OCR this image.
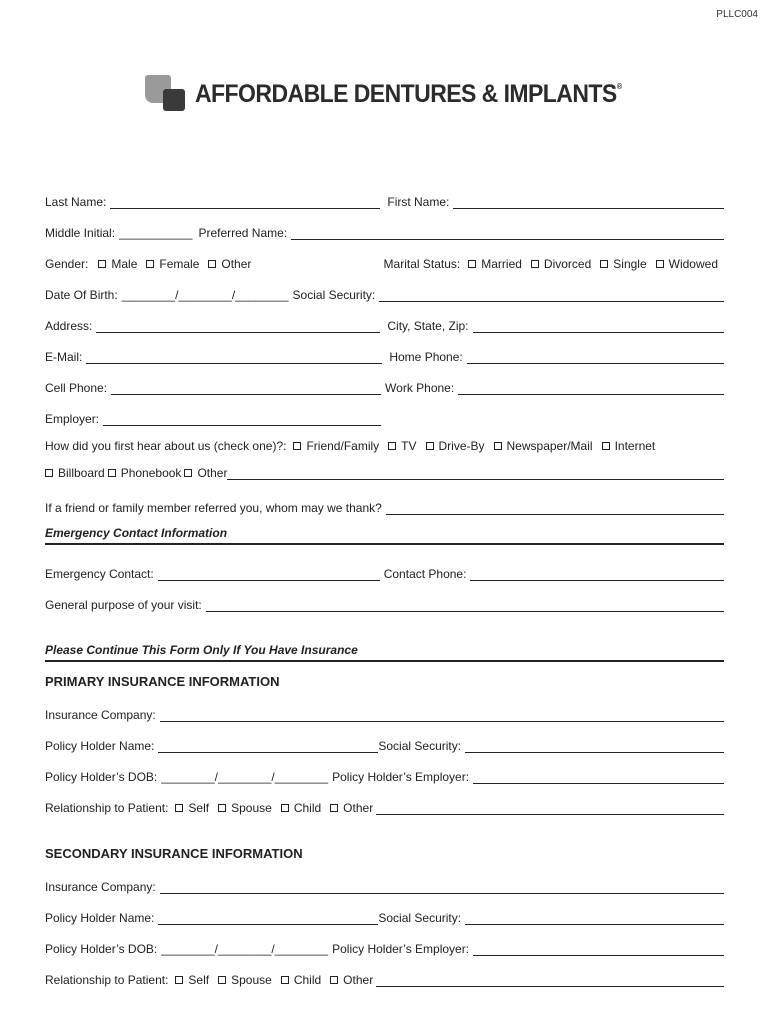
PLLC004
AFFORDABLE DENTURES & IMPLANTS®
Last Name:	First Name:
Middle Initial: ___________ Preferred Name:
Gender:	Male	Female	Other	Marital Status:	Married	Divorced	Single	Widowed
Date Of Birth: ________/________/________ Social Security:
Address:	City, State, Zip:
E-Mail:	Home Phone:
Cell Phone:	Work Phone:
Employer:
How did you first hear about us (check one)?:	Friend/Family	TV	Drive-By	Newspaper/Mail	Internet
Billboard	Phonebook	Other
If a friend or family member referred you, whom may we thank?
Emergency Contact Information
Emergency Contact:	Contact Phone:
General purpose of your visit:
Please Continue This Form Only If You Have Insurance
PRIMARY INSURANCE INFORMATION
Insurance Company:
Policy Holder Name:	Social Security:
Policy Holder’s DOB: ________/________/________ Policy Holder’s Employer:
Relationship to Patient:	Self	Spouse	Child	Other
SECONDARY INSURANCE INFORMATION
Insurance Company:
Policy Holder Name:	Social Security:
Policy Holder’s DOB: ________/________/________ Policy Holder’s Employer:
Relationship to Patient:	Self	Spouse	Child	Other
